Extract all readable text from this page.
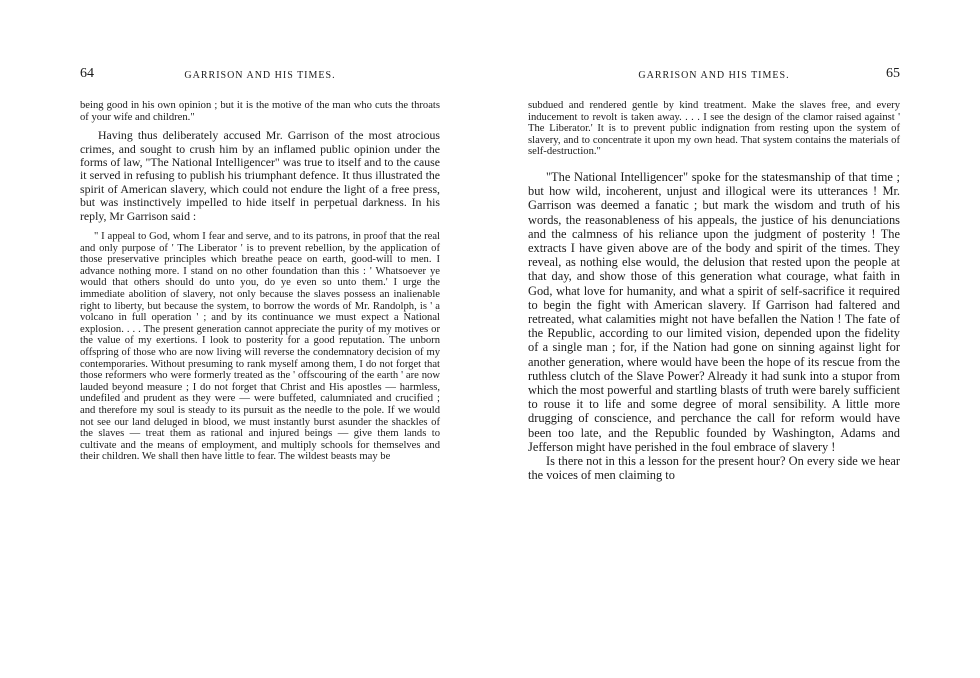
64	GARRISON AND HIS TIMES.

being good in his own opinion ; but it is the motive of the man who cuts the throats of your wife and children."

Having thus deliberately accused Mr. Garrison of the most atrocious crimes, and sought to crush him by an inflamed public opinion under the forms of law, "The National Intelligencer" was true to itself and to the cause it served in refusing to publish his triumphant defence. It thus illustrated the spirit of American slavery, which could not endure the light of a free press, but was instinctively impelled to hide itself in perpetual darkness. In his reply, Mr Garrison said :

" I appeal to God, whom I fear and serve, and to its patrons, in proof that the real and only purpose of ' The Liberator ' is to prevent rebellion, by the application of those preservative principles which breathe peace on earth, good-will to men. I advance nothing more. I stand on no other foundation than this : ' Whatsoever ye would that others should do unto you, do ye even so unto them.' I urge the immediate abolition of slavery, not only because the slaves possess an inalienable right to liberty, but because the system, to borrow the words of Mr. Randolph, is ' a volcano in full operation ' ; and by its continuance we must expect a National explosion. . . . The present generation cannot appreciate the purity of my motives or the value of my exertions. I look to posterity for a good reputation. The unborn offspring of those who are now living will reverse the condemnatory decision of my contemporaries. Without presuming to rank myself among them, I do not forget that those reformers who were formerly treated as the ' offscouring of the earth ' are now lauded beyond measure ; I do not forget that Christ and His apostles — harmless, undefiled and prudent as they were — were buffeted, calumniated and crucified ; and therefore my soul is steady to its pursuit as the needle to the pole. If we would not see our land deluged in blood, we must instantly burst asunder the shackles of the slaves — treat them as rational and injured beings — give them lands to cultivate and the means of employment, and multiply schools for themselves and their children. We shall then have little to fear. The wildest beasts may be

GARRISON AND HIS TIMES.	65

subdued and rendered gentle by kind treatment. Make the slaves free, and every inducement to revolt is taken away. . . . I see the design of the clamor raised against ' The Liberator.' It is to prevent public indignation from resting upon the system of slavery, and to concentrate it upon my own head. That system contains the materials of self-destruction."

"The National Intelligencer" spoke for the statesmanship of that time ; but how wild, incoherent, unjust and illogical were its utterances ! Mr. Garrison was deemed a fanatic ; but mark the wisdom and truth of his words, the reasonableness of his appeals, the justice of his denunciations and the calmness of his reliance upon the judgment of posterity ! The extracts I have given above are of the body and spirit of the times. They reveal, as nothing else would, the delusion that rested upon the people at that day, and show those of this generation what courage, what faith in God, what love for humanity, and what a spirit of self-sacrifice it required to begin the fight with American slavery. If Garrison had faltered and retreated, what calamities might not have befallen the Nation ! The fate of the Republic, according to our limited vision, depended upon the fidelity of a single man ; for, if the Nation had gone on sinning against light for another generation, where would have been the hope of its rescue from the ruthless clutch of the Slave Power? Already it had sunk into a stupor from which the most powerful and startling blasts of truth were barely sufficient to rouse it to life and some degree of moral sensibility. A little more drugging of conscience, and perchance the call for reform would have been too late, and the Republic founded by Washington, Adams and Jefferson might have perished in the foul embrace of slavery !

Is there not in this a lesson for the present hour? On every side we hear the voices of men claiming to
